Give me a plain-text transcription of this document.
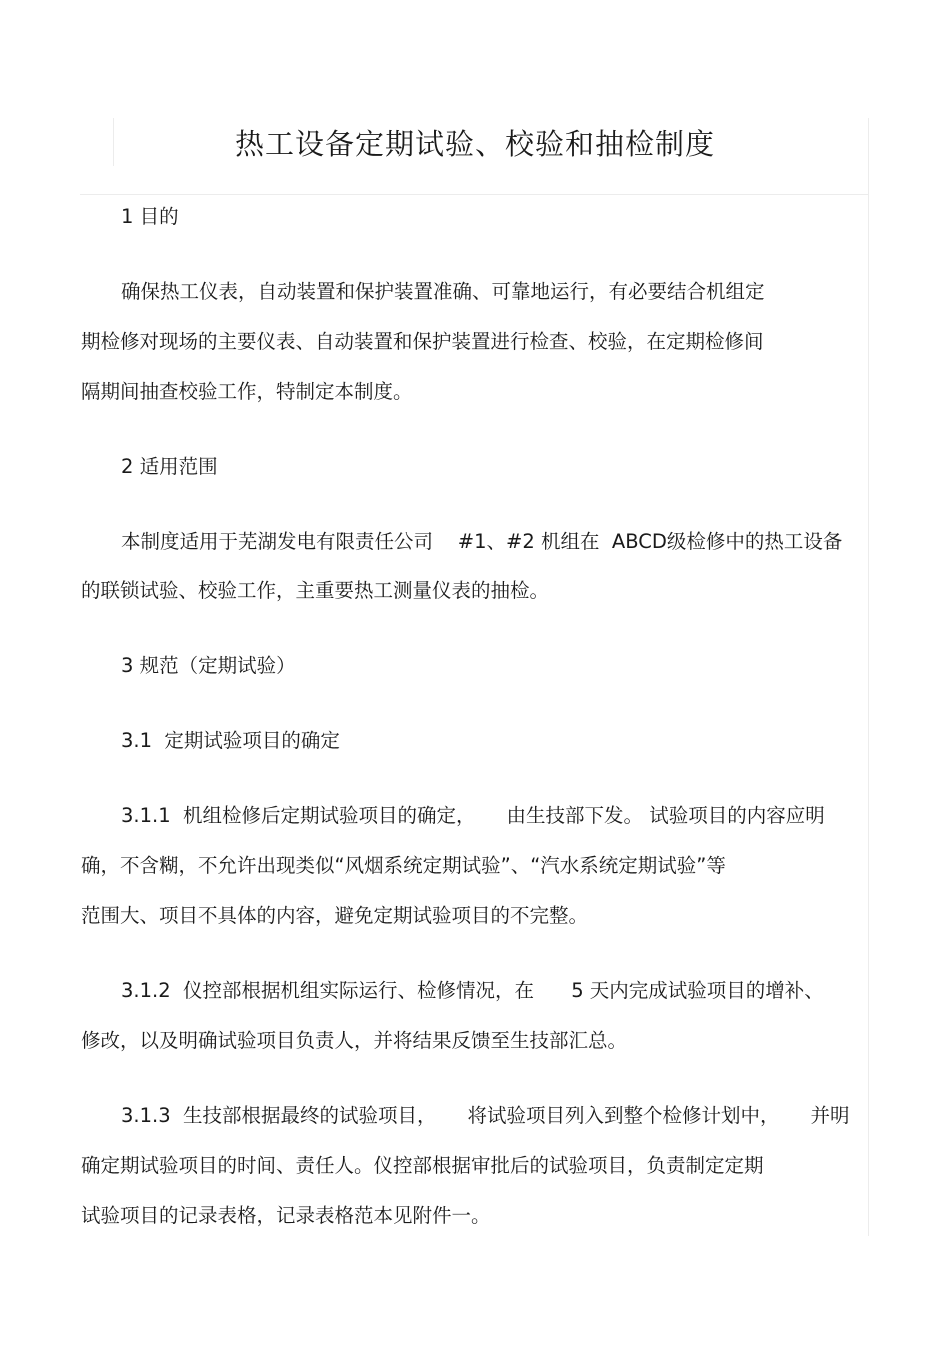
热工设备定期试验、校验和抽检制度
1 目的
确保热工仪表，自动装置和保护装置准确、可靠地运行，有必要结合机组定
期检修对现场的主要仪表、自动装置和保护装置进行检查、校验，在定期检修间
隔期间抽查校验工作，特制定本制度。
2 适用范围
本制度适用于芜湖发电有限责任公司    #1、#2 机组在  ABCD级检修中的热工设备
的联锁试验、校验工作，主重要热工测量仪表的抽检。
3 规范（定期试验）
3.1  定期试验项目的确定
3.1.1  机组检修后定期试验项目的确定，     由生技部下发。 试验项目的内容应明
确，不含糊，不允许出现类似“风烟系统定期试验”、“汽水系统定期试验”等
范围大、项目不具体的内容，避免定期试验项目的不完整。
3.1.2  仪控部根据机组实际运行、检修情况，在      5 天内完成试验项目的增补、
修改，以及明确试验项目负责人，并将结果反馈至生技部汇总。
3.1.3  生技部根据最终的试验项目，     将试验项目列入到整个检修计划中，     并明
确定期试验项目的时间、责任人。仪控部根据审批后的试验项目，负责制定定期
试验项目的记录表格，记录表格范本见附件一。
